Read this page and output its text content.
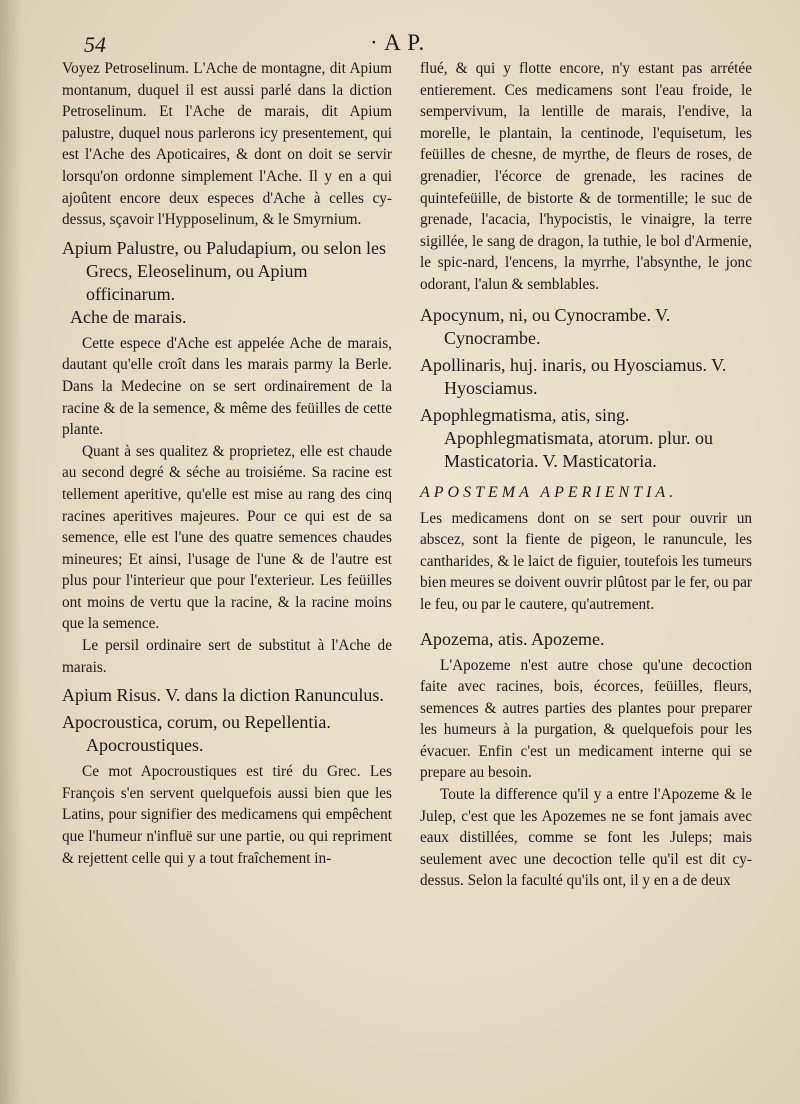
54	· A P.

Voyez Petroselinum. L'Ache de montagne, dit Apium montanum, duquel il est aussi parlé dans la diction Petroselinum. Et l'Ache de marais, dit Apium palustre, duquel nous parlerons icy presentement, qui est l'Ache des Apoticaires, & dont on doit se servir lorsqu'on ordonne simplement l'Ache. Il y en a qui ajoûtent encore deux especes d'Ache à celles cy-dessus, sçavoir l'Hypposelinum, & le Smyrnium.

Apium Palustre, ou Paludapium, ou selon les Grecs, Eleoselinum, ou Apium officinarum.
Ache de marais.

Cette espece d'Ache est appelée Ache de marais, dautant qu'elle croît dans les marais parmy la Berle. Dans la Medecine on se sert ordinairement de la racine & de la semence, & même des feüilles de cette plante.

Quant à ses qualitez & proprietez, elle est chaude au second degré & séche au troisiéme. Sa racine est tellement aperitive, qu'elle est mise au rang des cinq racines aperitives majeures. Pour ce qui est de sa semence, elle est l'une des quatre semences chaudes mineures; Et ainsi, l'usage de l'une & de l'autre est plus pour l'interieur que pour l'exterieur. Les feüilles ont moins de vertu que la racine, & la racine moins que la semence.

Le persil ordinaire sert de substitut à l'Ache de marais.

Apium Risus. V. dans la diction Ranunculus.
Apocroustica, corum, ou Repellentia. Apocroustiques.

Ce mot Apocroustiques est tiré du Grec. Les François s'en servent quelquefois aussi bien que les Latins, pour signifier des medicamens qui empêchent que l'humeur n'influë sur une partie, ou qui repriment & rejettent celle qui y a tout fraîchement in-

flué, & qui y flotte encore, n'y estant pas arrétée entierement. Ces medicamens sont l'eau froide, le sempervivum, la lentille de marais, l'endive, la morelle, le plantain, la centinode, l'equisetum, les feüilles de chesne, de myrthe, de fleurs de roses, de grenadier, l'écorce de grenade, les racines de quintefeüille, de bistorte & de tormentille; le suc de grenade, l'acacia, l'hypocistis, le vinaigre, la terre sigillée, le sang de dragon, la tuthie, le bol d'Armenie, le spic-nard, l'encens, la myrrhe, l'absynthe, le jonc odorant, l'alun & semblables.

Apocynum, ni, ou Cynocrambe. V. Cynocrambe.
Apollinaris, huj. inaris, ou Hyosciamus. V. Hyosciamus.
Apophlegmatisma, atis, sing. Apophlegmatismata, atorum. plur. ou Masticatoria. V. Masticatoria.
APOSTEMA APERIENTIA.

Les medicamens dont on se sert pour ouvrir un abscez, sont la fiente de pigeon, le ranuncule, les cantharides, & le laict de figuier, toutefois les tumeurs bien meures se doivent ouvrir plûtost par le fer, ou par le feu, ou par le cautere, qu'autrement.

Apozema, atis. Apozeme.

L'Apozeme n'est autre chose qu'une decoction faite avec racines, bois, écorces, feüilles, fleurs, semences & autres parties des plantes pour preparer les humeurs à la purgation, & quelquefois pour les évacuer. Enfin c'est un medicament interne qui se prepare au besoin.

Toute la difference qu'il y a entre l'Apozeme & le Julep, c'est que les Apozemes ne se font jamais avec eaux distillées, comme se font les Juleps; mais seulement avec une decoction telle qu'il est dit cy-dessus. Selon la faculté qu'ils ont, il y en a de deux
